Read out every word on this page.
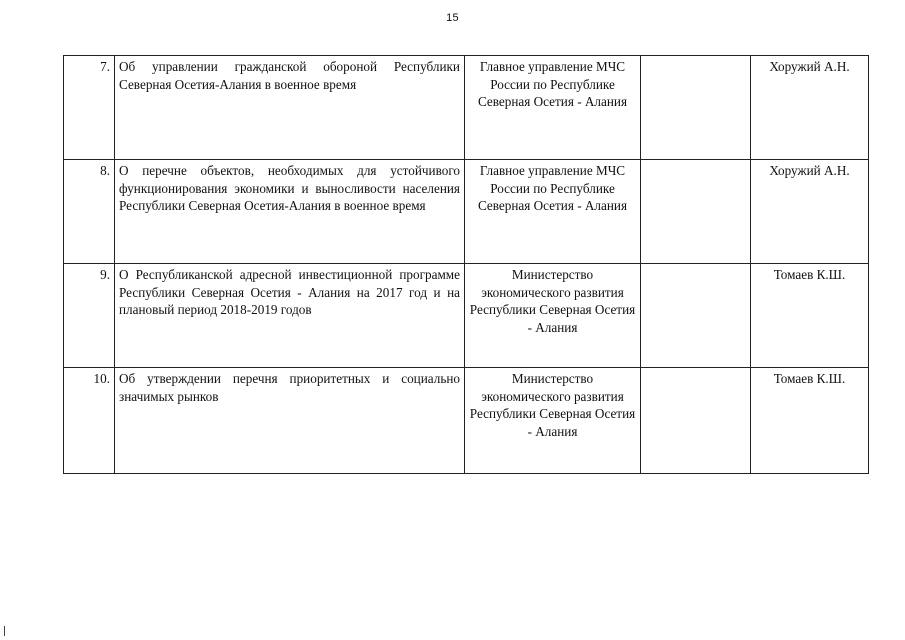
15
7.	Об управлении гражданской обороной Республики Северная Осетия-Алания в военное время	Главное управление МЧС России по Республике Северная Осетия - Алания		Хоружий А.Н.
8.	О перечне объектов, необходимых для устойчивого функционирования экономики и выносливости населения Республики Северная Осетия-Алания в военное время	Главное управление МЧС России по Республике Северная Осетия - Алания		Хоружий А.Н.
9.	О Республиканской адресной инвестиционной программе Республики Северная Осетия - Алания на 2017 год и на плановый период 2018-2019 годов	Министерство экономического развития Республики Северная Осетия - Алания		Томаев К.Ш.
10.	Об утверждении перечня приоритетных и социально значимых рынков	Министерство экономического развития Республики Северная Осетия - Алания		Томаев К.Ш.
